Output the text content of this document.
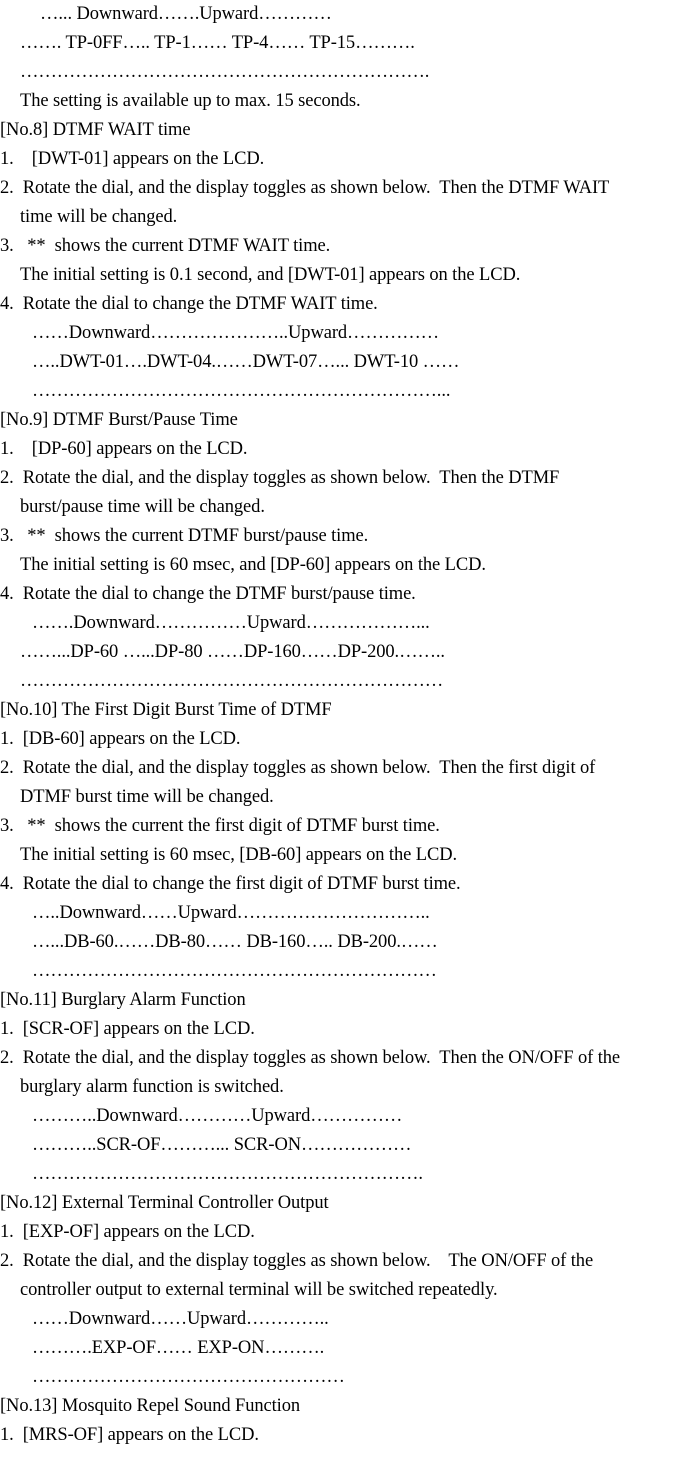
…... Downward…….Upward…………
……. TP-0FF….. TP-1…… TP-4…… TP-15……….
………………………………………………………….
The setting is available up to max. 15 seconds.
[No.8] DTMF WAIT time
1.    [DWT-01] appears on the LCD.
2.  Rotate the dial, and the display toggles as shown below.  Then the DTMF WAIT
time will be changed.
3.   **  shows the current DTMF WAIT time.
The initial setting is 0.1 second, and [DWT-01] appears on the LCD.
4.  Rotate the dial to change the DTMF WAIT time.
……Downward…………………..Upward……………
…..DWT-01….DWT-04.……DWT-07…... DWT-10 ……
…………………………………………………………...
[No.9] DTMF Burst/Pause Time
1.    [DP-60] appears on the LCD.
2.  Rotate the dial, and the display toggles as shown below.  Then the DTMF
burst/pause time will be changed.
3.   **  shows the current DTMF burst/pause time.
The initial setting is 60 msec, and [DP-60] appears on the LCD.
4.  Rotate the dial to change the DTMF burst/pause time.
…….Downward……………Upward………………...
……...DP-60 …...DP-80 ……DP-160……DP-200.……..
……………………………………………………………
[No.10] The First Digit Burst Time of DTMF
1.  [DB-60] appears on the LCD.
2.  Rotate the dial, and the display toggles as shown below.  Then the first digit of
DTMF burst time will be changed.
3.   **  shows the current the first digit of DTMF burst time.
The initial setting is 60 msec, [DB-60] appears on the LCD.
4.  Rotate the dial to change the first digit of DTMF burst time.
…..Downward……Upward…………………………..
…...DB-60.……DB-80…… DB-160….. DB-200.……
…………………………………………………………
[No.11] Burglary Alarm Function
1.  [SCR-OF] appears on the LCD.
2.  Rotate the dial, and the display toggles as shown below.  Then the ON/OFF of the
burglary alarm function is switched.
………..Downward…………Upward……………
………..SCR-OF………... SCR-ON………………
……………………………………………………….
[No.12] External Terminal Controller Output
1.  [EXP-OF] appears on the LCD.
2.  Rotate the dial, and the display toggles as shown below.    The ON/OFF of the
controller output to external terminal will be switched repeatedly.
……Downward……Upward…………..
……….EXP-OF…… EXP-ON……….
……………………………………………
[No.13] Mosquito Repel Sound Function
1.  [MRS-OF] appears on the LCD.
